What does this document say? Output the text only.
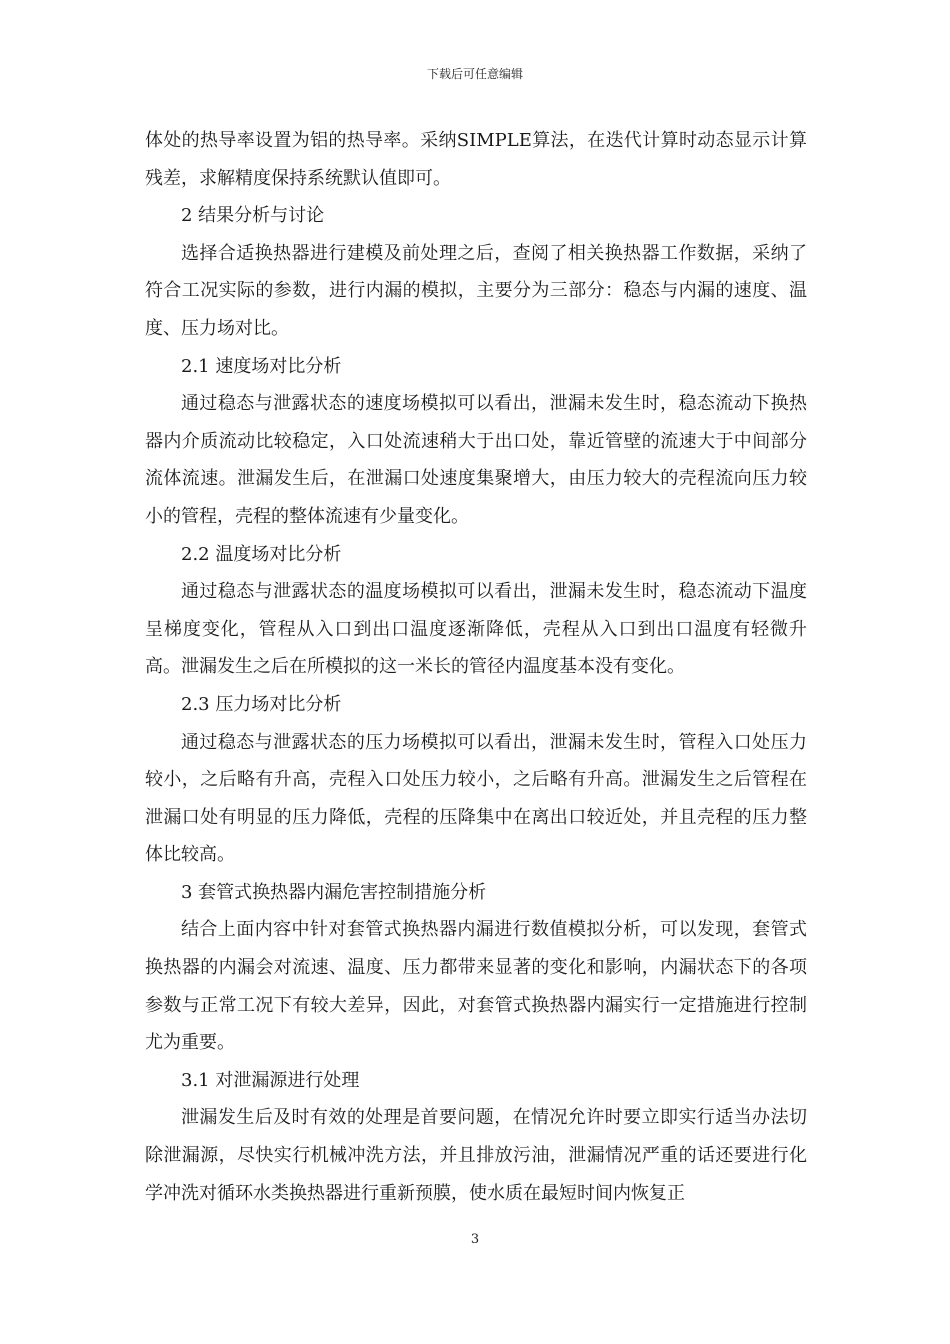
下载后可任意编辑

体处的热导率设置为铝的热导率。采纳SIMPLE算法，在迭代计算时动态显示计算残差，求解精度保持系统默认值即可。

2 结果分析与讨论

选择合适换热器进行建模及前处理之后，查阅了相关换热器工作数据，采纳了符合工况实际的参数，进行内漏的模拟，主要分为三部分：稳态与内漏的速度、温度、压力场对比。

2.1 速度场对比分析

通过稳态与泄露状态的速度场模拟可以看出，泄漏未发生时，稳态流动下换热器内介质流动比较稳定，入口处流速稍大于出口处，靠近管壁的流速大于中间部分流体流速。泄漏发生后，在泄漏口处速度集聚增大，由压力较大的壳程流向压力较小的管程，壳程的整体流速有少量变化。

2.2 温度场对比分析

通过稳态与泄露状态的温度场模拟可以看出，泄漏未发生时，稳态流动下温度呈梯度变化，管程从入口到出口温度逐渐降低，壳程从入口到出口温度有轻微升高。泄漏发生之后在所模拟的这一米长的管径内温度基本没有变化。

2.3 压力场对比分析

通过稳态与泄露状态的压力场模拟可以看出，泄漏未发生时，管程入口处压力较小，之后略有升高，壳程入口处压力较小，之后略有升高。泄漏发生之后管程在泄漏口处有明显的压力降低，壳程的压降集中在离出口较近处，并且壳程的压力整体比较高。

3 套管式换热器内漏危害控制措施分析

结合上面内容中针对套管式换热器内漏进行数值模拟分析，可以发现，套管式换热器的内漏会对流速、温度、压力都带来显著的变化和影响，内漏状态下的各项参数与正常工况下有较大差异，因此，对套管式换热器内漏实行一定措施进行控制尤为重要。

3.1 对泄漏源进行处理

泄漏发生后及时有效的处理是首要问题，在情况允许时要立即实行适当办法切除泄漏源，尽快实行机械冲洗方法，并且排放污油，泄漏情况严重的话还要进行化学冲洗对循环水类换热器进行重新预膜，使水质在最短时间内恢复正

3
